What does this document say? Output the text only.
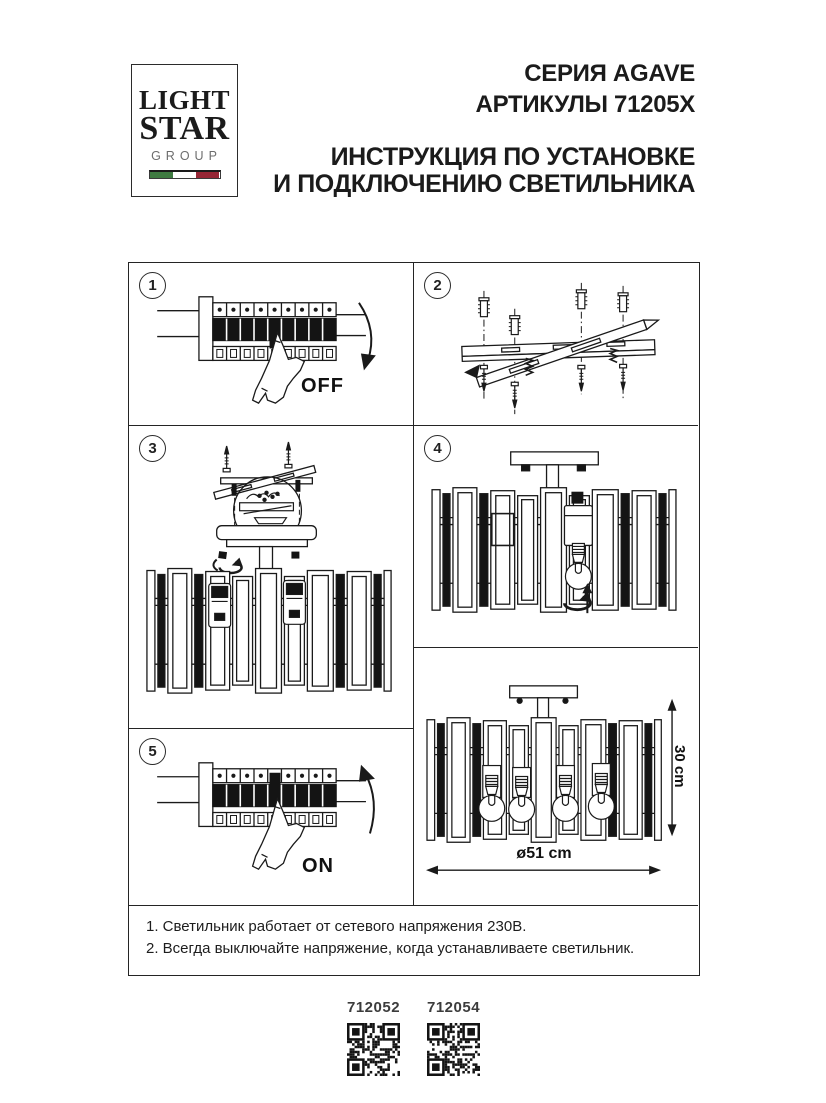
LIGHT
STAR
GROUP
СЕРИЯ AGAVE
АРТИКУЛЫ 71205X
ИНСТРУКЦИЯ ПО УСТАНОВКЕ
И ПОДКЛЮЧЕНИЮ СВЕТИЛЬНИКА
1
OFF
2
3	4
5
ON
ø51 cm
30 cm

1. Светильник работает от сетевого напряжения 230В.

2. Всегда выключайте напряжение, когда устанавливаете светильник.

712052 712054
